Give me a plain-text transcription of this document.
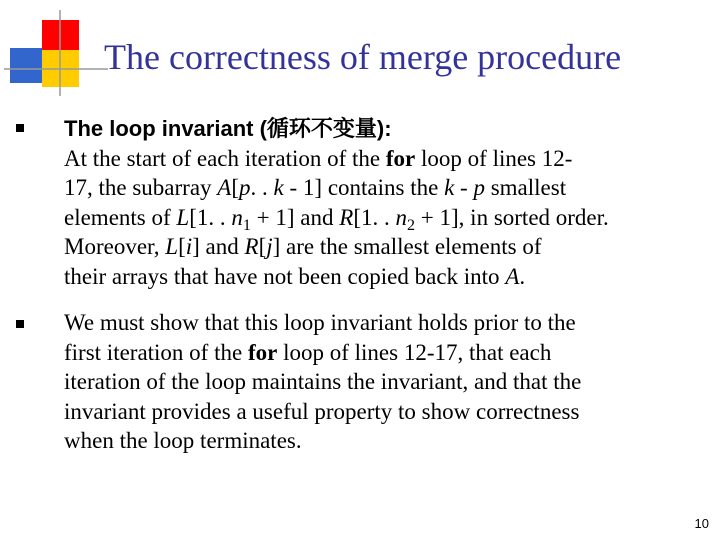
The correctness of merge procedure
The loop invariant (循环不变量):
At the start of each iteration of the for loop of lines 12-
17, the subarray A[p. . k - 1] contains the k - p smallest
elements of L[1. . $n_1 + 1$] and R[1. . $n_2 + 1$], in sorted order.
Moreover, L[i] and R[j] are the smallest elements of
their arrays that have not been copied back into A.
We must show that this loop invariant holds prior to the
first iteration of the for loop of lines 12-17, that each
iteration of the loop maintains the invariant, and that the
invariant provides a useful property to show correctness
when the loop terminates.
10
